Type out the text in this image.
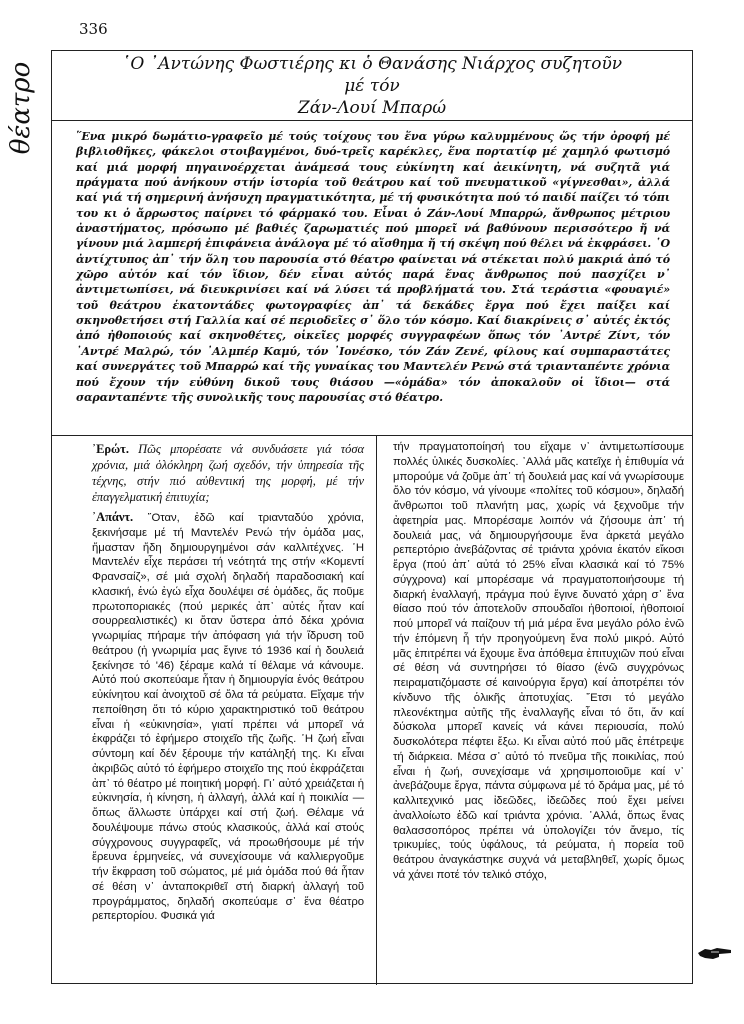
336
θέατρο	῾Ο ᾿Αντώνης Φωστιέρης κι ὁ Θανάσης Νιάρχος συζητοῦν μέ τόν
Ζάν-Λουί Μπαρώ

῞Ενα μικρό δωμάτιο-γραφεῖο μέ τούς τοίχους του ἕνα γύρω καλυμμένους ὥς τήν ὀροφή μέ βιβλιοθῆκες, φάκελοι στοιβαγμένοι, δυό-τρεῖς καρέκλες, ἕνα πορτατίφ μέ χαμηλό φωτισμό καί μιά μορφή πηγαινοέρχεται ἀνάμεσά τους εὐκίνητη καί ἀεικίνητη, νά συζητᾶ γιά πράγματα πού ἀνήκουν στήν ἱστορία τοῦ θεάτρου καί τοῦ πνευματικοῦ «γίγνεσθαι», ἀλλά καί γιά τή σημερινή ἀνήσυχη πραγματικότητα, μέ τή φυσικότητα πού τό παιδί παίζει τό τόπι του κι ὁ ἄρρωστος παίρνει τό φάρμακό του. Εἶναι ὁ Ζάν-Λουί Μπαρρώ, ἄνθρωπος μέτριου ἀναστήματος, πρόσωπο μέ βαθιές ζαρωματιές πού μπορεῖ νά βαθύνουν περισσότερο ἤ νά γίνουν μιά λαμπερή ἐπιφάνεια ἀνάλογα μέ τό αἴσθημα ἤ τή σκέψη πού θέλει νά ἐκφράσει. ῾Ο ἀντίχτυπος ἀπ᾿ τήν ὅλη του παρουσία στό θέατρο φαίνεται νά στέκεται πολύ μακριά ἀπό τό χῶρο αὐτόν καί τόν ἴδιον, δέν εἶναι αὐτός παρά ἕνας ἄνθρωπος πού πασχίζει ν᾿ ἀντιμετωπίσει, νά διευκρινίσει καί νά λύσει τά προβλήματά του. Στά τεράστια «φουαγιέ» τοῦ θεάτρου ἑκατοντάδες φωτογραφίες ἀπ᾿ τά δεκάδες ἔργα πού ἔχει παίξει καί σκηνοθετήσει στή Γαλλία καί σέ περιοδεῖες σ᾿ ὅλο τόν κόσμο. Καί διακρίνεις σ᾿ αὐτές ἐκτός ἀπό ἠθοποιούς καί σκηνοθέτες, οἰκεῖες μορφές συγγραφέων ὅπως τόν ᾿Αντρέ Ζίντ, τόν ᾿Αντρέ Μαλρώ, τόν ᾿Αλμπέρ Καμύ, τόν ᾿Ιονέσκο, τόν Ζάν Ζενέ, φίλους καί συμπαραστάτες καί συνεργάτες τοῦ Μπαρρώ καί τῆς γυναίκας του Μαντελέν Ρενώ στά τριανταπέντε χρόνια πού ἔχουν τήν εὐθύνη δικοῦ τους θιάσου —«ὁμάδα» τόν ἀποκαλοῦν οἱ ἴδιοι— στά σαρανταπέντε τῆς συνολικῆς τους παρουσίας στό θέατρο.

᾿Ερώτ. Πῶς μπορέσατε νά συνδυάσετε γιά τόσα χρόνια, μιά ὁλόκληρη ζωή σχεδόν, τήν ὑπηρεσία τῆς τέχνης, στήν πιό αὐθεντική της μορφή, μέ τήν ἐπαγγελματική ἐπιτυχία;

᾿Απάντ. ῞Οταν, ἐδῶ καί τριανταδύο χρόνια, ξεκινήσαμε μέ τή Μαντελέν Ρενώ τήν ὁμάδα μας, ἤμασταν ἤδη δημιουργημένοι σάν καλλιτέχνες. ῾Η Μαντελέν εἶχε περάσει τή νεότητά της στήν «Κομεντί Φρανσαίζ», σέ μιά σχολή δηλαδή παραδοσιακή καί κλασική, ἐνώ ἐγώ εἶχα δουλέψει σέ ὁμάδες, ἄς ποῦμε πρωτοποριακές (πού μερικές ἀπ᾿ αὐτές ἦταν καί σουρρεαλιστικές) κι ὅταν ὕστερα ἀπό δέκα χρόνια γνωριμίας πήραμε τήν ἀπόφαση γιά τήν ἵδρυση τοῦ θεάτρου (ἡ γνωριμία μας ἔγινε τό 1936 καί ἡ δουλειά ξεκίνησε τό '46) ξέραμε καλά τί θέλαμε νά κάνουμε. Αὐτό πού σκοπεύαμε ἦταν ἡ δημιουργία ἑνός θεάτρου εὐκίνητου καί ἀνοιχτοῦ σέ ὅλα τά ρεύματα. Εἴχαμε τήν πεποίθηση ὅτι τό κύριο χαρακτηριστικό τοῦ θεάτρου εἶναι ἡ «εὐκινησία», γιατί πρέπει νά μπορεῖ νά ἐκφράζει τό ἐφήμερο στοιχεῖο τῆς ζωῆς. ῾Η ζωή εἶναι σύντομη καί δέν ξέρουμε τήν κατάληξή της. Κι εἶναι ἀκριβῶς αὐτό τό ἐφήμερο στοιχεῖο της πού ἐκφράζεται ἀπ᾿ τό θέατρο μέ ποιητική μορφή. Γι᾿ αὐτό χρειάζεται ἡ εὐκινησία, ἡ κίνηση, ἡ ἀλλαγή, ἀλλά καί ἡ ποικιλία — ὅπως ἄλλωστε ὑπάρχει καί στή ζωή. Θέλαμε νά δουλέψουμε πάνω στούς κλασικούς, ἀλλά καί στούς σύγχρονους συγγραφεῖς, νά προωθήσουμε μέ τήν ἔρευνα ἑρμηνείες, νά συνεχίσουμε νά καλλιεργοῦμε τήν ἔκφραση τοῦ σώματος, μέ μιά ὁμάδα πού θά ἦταν σέ θέση ν᾿ ἀνταποκριθεῖ στή διαρκή ἀλλαγή τοῦ προγράμματος, δηλαδή σκοπεύαμε σ᾿ ἕνα θέατρο ρεπερτορίου. Φυσικά γιά

τήν πραγματοποίησή του εἴχαμε ν᾿ ἀντιμετωπίσουμε πολλές ὑλικές δυσκολίες. ᾿Αλλά μᾶς κατεῖχε ἡ ἐπιθυμία νά μπορούμε νά ζοῦμε ἀπ᾿ τή δουλειά μας καί νά γνωρίσουμε ὅλο τόν κόσμο, νά γίνουμε «πολίτες τοῦ κόσμου», δηλαδή ἄνθρωποι τοῦ πλανήτη μας, χωρίς νά ξεχνοῦμε τήν ἀφετηρία μας. Μπορέσαμε λοιπόν νά ζήσουμε ἀπ᾿ τή δουλειά μας, νά δημιουργήσουμε ἕνα ἀρκετά μεγάλο ρεπερτόριο ἀνεβάζοντας σέ τριάντα χρόνια ἑκατόν εἴκοσι ἔργα (πού ἀπ᾿ αὐτά τό 25% εἶναι κλασικά καί τό 75% σύγχρονα) καί μπορέσαμε νά πραγματοποιήσουμε τή διαρκή ἐναλλαγή, πράγμα πού ἔγινε δυνατό χάρη σ᾿ ἕνα θίασο πού τόν ἀποτελοῦν σπουδαῖοι ἠθοποιοί, ἠθοποιοί πού μπορεῖ νά παίζουν τή μιά μέρα ἕνα μεγάλο ρόλο ἐνῶ τήν ἑπόμενη ἦ τήν προηγούμενη ἕνα πολύ μικρό. Αὐτό μᾶς ἐπιτρέπει νά ἔχουμε ἕνα ἀπόθεμα ἐπιτυχιῶν πού εἶναι σέ θέση νά συντηρήσει τό θίασο (ἐνῶ συγχρόνως πειραματιζόμαστε σέ καινούργια ἔργα) καί ἀποτρέπει τόν κίνδυνο τῆς ὁλικῆς ἀποτυχίας. ῎Ετσι τό μεγάλο πλεονέκτημα αὐτῆς τῆς ἐναλλαγῆς εἶναι τό ὅτι, ἄν καί δύσκολα μπορεῖ κανείς νά κάνει περιουσία, πολύ δυσκολότερα πέφτει ἔξω. Κι εἶναι αὐτό πού μᾶς ἐπέτρεψε τή διάρκεια. Μέσα σ᾿ αὐτό τό πνεῦμα τῆς ποικιλίας, πού εἶναι ἡ ζωή, συνεχίσαμε νά χρησιμοποιοῦμε καί ν᾿ ἀνεβάζουμε ἔργα, πάντα σύμφωνα μέ τό δράμα μας, μέ τό καλλιτεχνικό μας ἰδεῶδες, ἰδεῶδες πού ἔχει μείνει ἀναλλοίωτο ἐδῶ καί τριάντα χρόνια. ᾿Αλλά, ὅπως ἕνας θαλασσοπόρος πρέπει νά ὑπολογίζει τόν ἄνεμο, τίς τρικυμίες, τούς ὑφάλους, τά ρεύματα, ἡ πορεία τοῦ θεάτρου ἀναγκάστηκε συχνά νά μεταβληθεῖ, χωρίς ὅμως νά χάνει ποτέ τόν τελικό στόχο,
